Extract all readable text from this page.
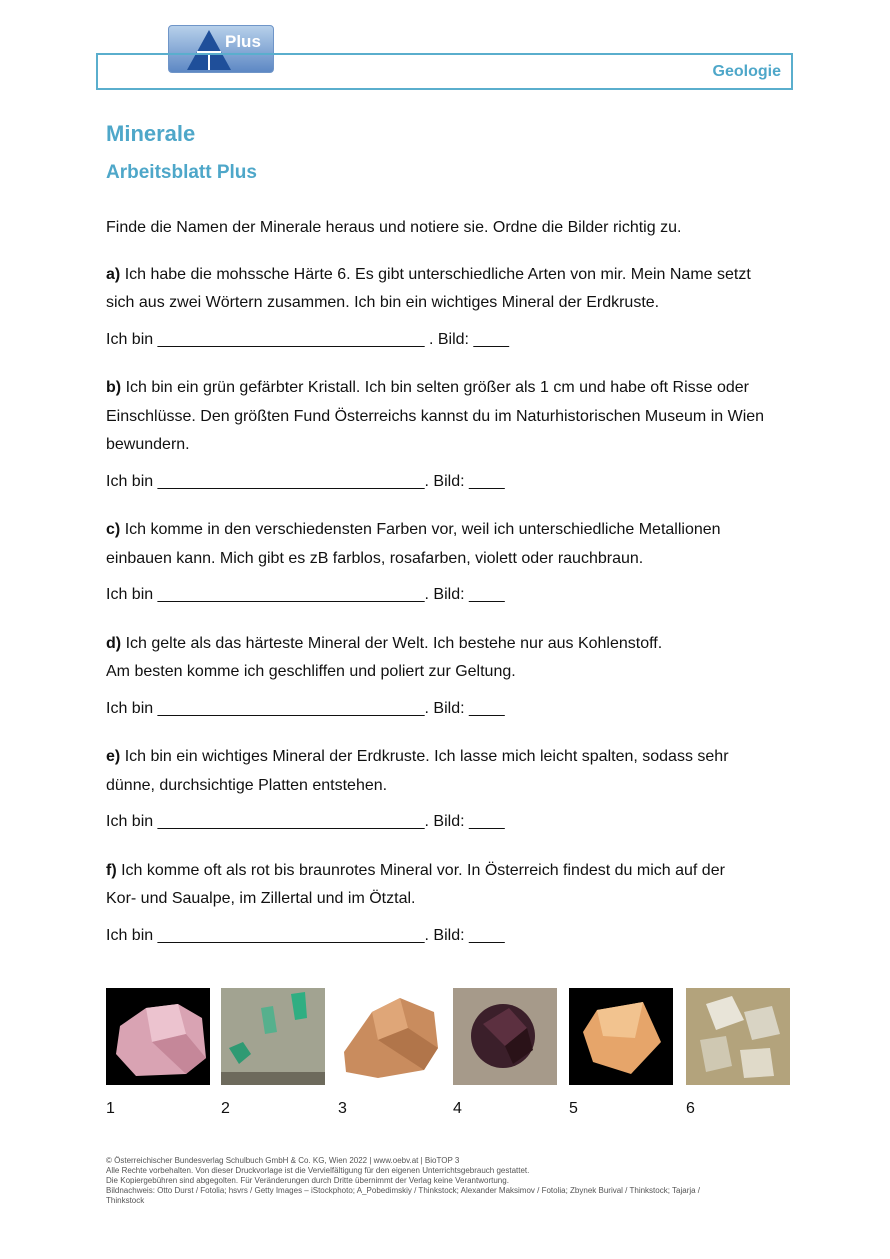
Plus
Geologie
Minerale
Arbeitsblatt Plus

Finde die Namen der Minerale heraus und notiere sie. Ordne die Bilder richtig zu.

a) Ich habe die mohssche Härte 6. Es gibt unterschiedliche Arten von mir. Mein Name setzt

sich aus zwei Wörtern zusammen. Ich bin ein wichtiges Mineral der Erdkruste.

Ich bin ______________________________ . Bild: ____

b) Ich bin ein grün gefärbter Kristall. Ich bin selten größer als 1 cm und habe oft Risse oder

Einschlüsse. Den größten Fund Österreichs kannst du im Naturhistorischen Museum in Wien

bewundern.

Ich bin ______________________________. Bild: ____

c) Ich komme in den verschiedensten Farben vor, weil ich unterschiedliche Metallionen

einbauen kann. Mich gibt es zB farblos, rosafarben, violett oder rauchbraun.

Ich bin ______________________________. Bild: ____

d) Ich gelte als das härteste Mineral der Welt. Ich bestehe nur aus Kohlenstoff.

Am besten komme ich geschliffen und poliert zur Geltung.

Ich bin ______________________________. Bild: ____

e) Ich bin ein wichtiges Mineral der Erdkruste. Ich lasse mich leicht spalten, sodass sehr

dünne, durchsichtige Platten entstehen.

Ich bin ______________________________. Bild: ____

f) Ich komme oft als rot bis braunrotes Mineral vor. In Österreich findest du mich auf der

Kor- und Saualpe, im Zillertal und im Ötztal.

Ich bin ______________________________. Bild: ____

1	2	3	4	5	6
© Österreichischer Bundesverlag Schulbuch GmbH & Co. KG, Wien 2022 | www.oebv.at | BioTOP 3
Alle Rechte vorbehalten. Von dieser Druckvorlage ist die Vervielfältigung für den eigenen Unterrichtsgebrauch gestattet.
Die Kopiergebühren sind abgegolten. Für Veränderungen durch Dritte übernimmt der Verlag keine Verantwortung.
Bildnachweis: Otto Durst / Fotolia; hsvrs / Getty Images – iStockphoto; A_Pobedimskiy / Thinkstock; Alexander Maksimov / Fotolia; Zbynek Burival / Thinkstock; Tajarja /
Thinkstock
